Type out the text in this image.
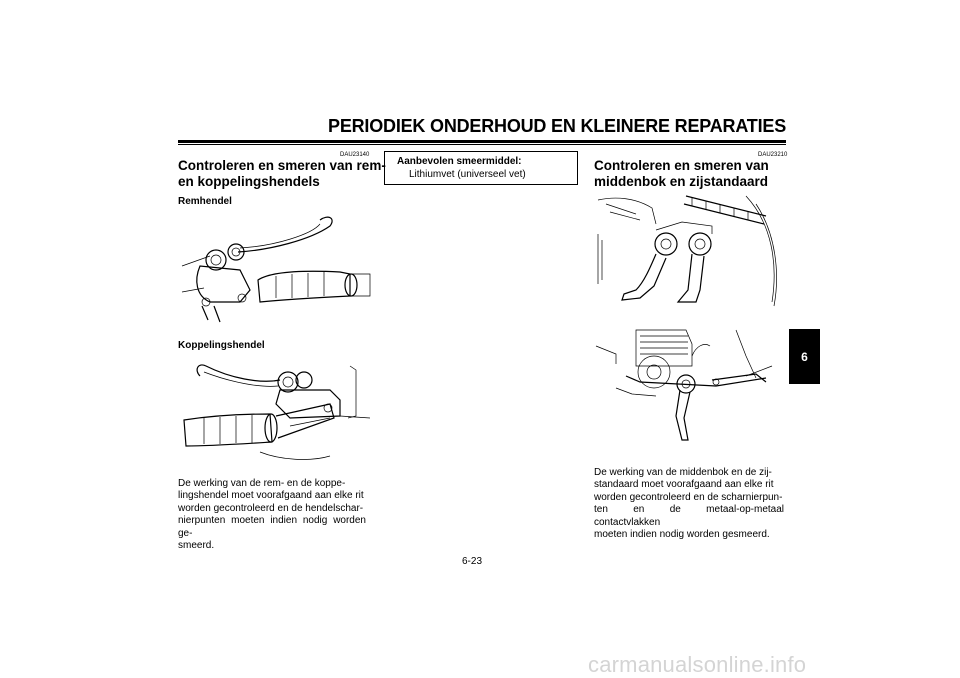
PERIODIEK ONDERHOUD EN KLEINERE REPARATIES
DAU23140
Controleren en smeren van rem-
en koppelingshendels
Remhendel
Koppelingshendel
De werking van de rem- en de koppe-
lingshendel moet voorafgaand aan elke rit
worden gecontroleerd en de hendelschar-
nierpunten moeten indien nodig worden ge-
smeerd.
Aanbevolen smeermiddel:
Lithiumvet (universeel vet)
DAU23210
Controleren en smeren van
middenbok en zijstandaard
De werking van de middenbok en de zij-
standaard moet voorafgaand aan elke rit
worden gecontroleerd en de scharnierpun-
ten en de metaal-op-metaal contactvlakken
moeten indien nodig worden gesmeerd.
6
6-23
carmanualsonline.info
